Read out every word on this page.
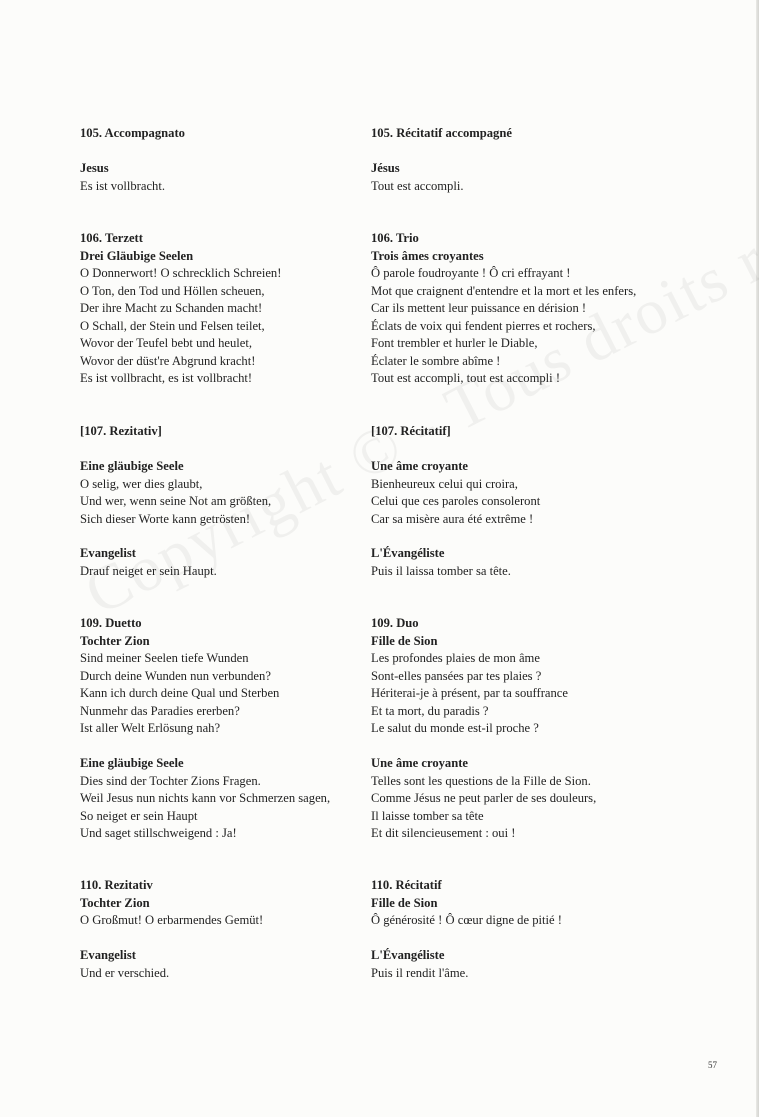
105. Accompagnato
Jesus
Es ist vollbracht.
106. Terzett
Drei Gläubige Seelen
O Donnerwort! O schrecklich Schreien!
O Ton, den Tod und Höllen scheuen,
Der ihre Macht zu Schanden macht!
O Schall, der Stein und Felsen teilet,
Wovor der Teufel bebt und heulet,
Wovor der düst're Abgrund kracht!
Es ist vollbracht, es ist vollbracht!
[107. Rezitativ]
Eine gläubige Seele
O selig, wer dies glaubt,
Und wer, wenn seine Not am größten,
Sich dieser Worte kann getrösten!
Evangelist
Drauf neiget er sein Haupt.
109. Duetto
Tochter Zion
Sind meiner Seelen tiefe Wunden
Durch deine Wunden nun verbunden?
Kann ich durch deine Qual und Sterben
Nunmehr das Paradies ererben?
Ist aller Welt Erlösung nah?
Eine gläubige Seele
Dies sind der Tochter Zions Fragen.
Weil Jesus nun nichts kann vor Schmerzen sagen,
So neiget er sein Haupt
Und saget stillschweigend : Ja!
110. Rezitativ
Tochter Zion
O Großmut! O erbarmendes Gemüt!
Evangelist
Und er verschied.
105. Récitatif accompagné
Jésus
Tout est accompli.
106. Trio
Trois âmes croyantes
Ô parole foudroyante ! Ô cri effrayant !
Mot que craignent d'entendre et la mort et les enfers,
Car ils mettent leur puissance en dérision !
Éclats de voix qui fendent pierres et rochers,
Font trembler et hurler le Diable,
Éclater le sombre abîme !
Tout est accompli, tout est accompli !
[107. Récitatif]
Une âme croyante
Bienheureux celui qui croira,
Celui que ces paroles consoleront
Car sa misère aura été extrême !
L'Évangéliste
Puis il laissa tomber sa tête.
109. Duo
Fille de Sion
Les profondes plaies de mon âme
Sont-elles pansées par tes plaies ?
Hériterai-je à présent, par ta souffrance
Et ta mort, du paradis ?
Le salut du monde est-il proche ?
Une âme croyante
Telles sont les questions de la Fille de Sion.
Comme Jésus ne peut parler de ses douleurs,
Il laisse tomber sa tête
Et dit silencieusement : oui !
110. Récitatif
Fille de Sion
Ô générosité ! Ô cœur digne de pitié !
L'Évangéliste
Puis il rendit l'âme.
57
